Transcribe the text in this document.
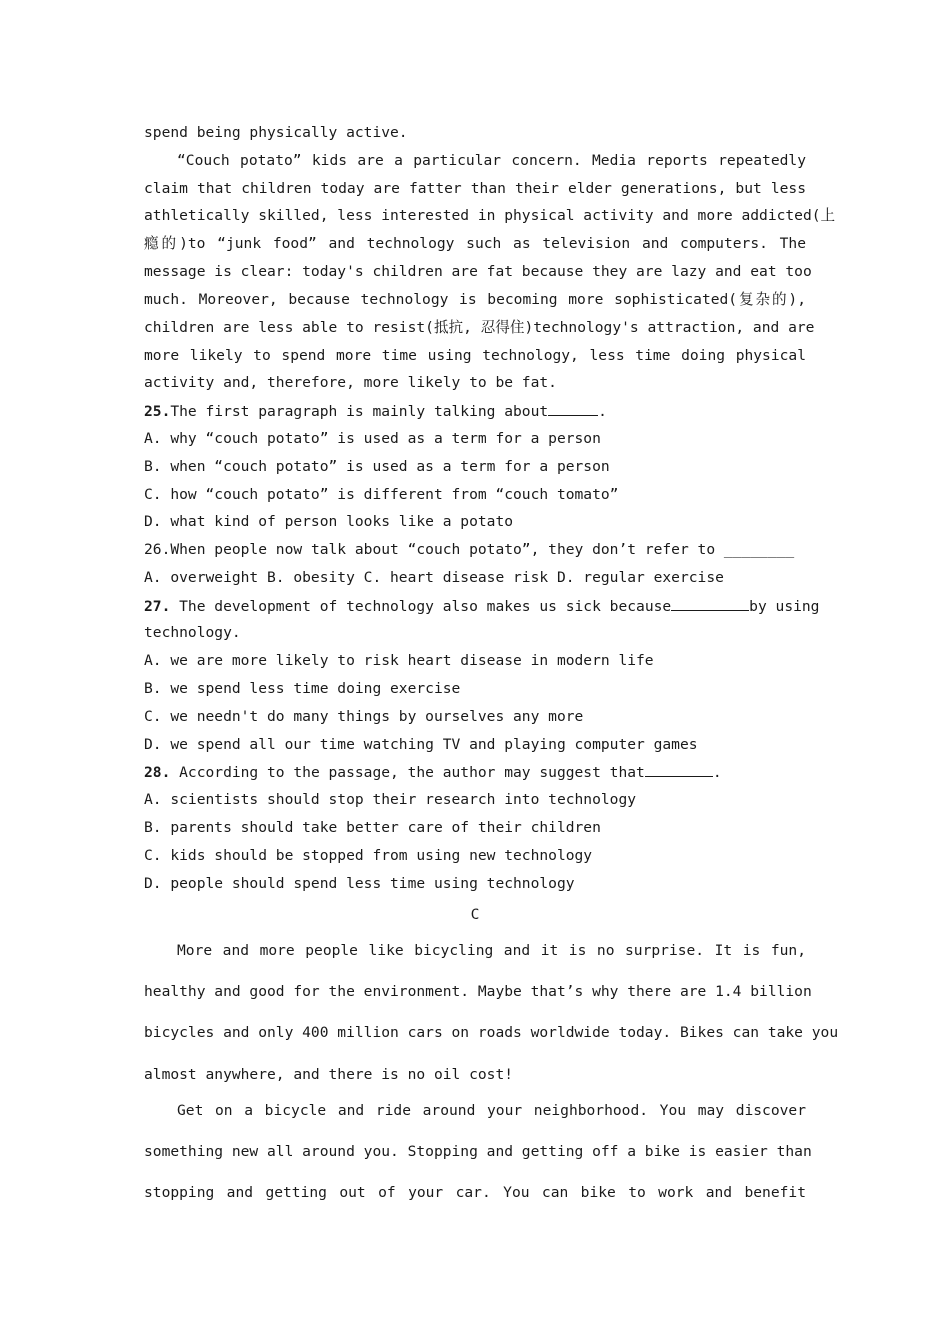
spend being physically active.
“Couch potato” kids are a particular concern. Media reports repeatedly
claim that children today are fatter than their elder generations, but less
athletically skilled, less interested in physical activity and more addicted(上
瘾的)to “junk food” and technology such as television and computers. The
message is clear: today's children are fat because they are lazy and eat too
much. Moreover, because technology is becoming more sophisticated(复杂的),
children are less able to resist(抵抗, 忍得住)technology's attraction, and are
more likely to spend more time using technology, less time doing physical
activity and, therefore, more likely to be fat.
25.The first paragraph is mainly talking about	.
A. why “couch potato” is used as a term for a person
B. when “couch potato” is used as a term for a person
C. how “couch potato” is different from “couch tomato”
D. what kind of person looks like a potato
26.When people now talk about “couch potato”, they don’t refer to ________
A. overweight B. obesity C. heart disease risk D. regular exercise
27. The development of technology also makes us sick because	by using
technology.
A. we are more likely to risk heart disease in modern life
B. we spend less time doing exercise
C. we needn't do many things by ourselves any more
D. we spend all our time watching TV and playing computer games
28. According to the passage, the author may suggest that	.
A. scientists should stop their research into technology
B. parents should take better care of their children
C. kids should be stopped from using new technology
D. people should spend less time using technology
C
More and more people like bicycling and it is no surprise. It is fun,
healthy and good for the environment. Maybe that’s why there are 1.4 billion
bicycles and only 400 million cars on roads worldwide today. Bikes can take you
almost anywhere, and there is no oil cost!
Get on a bicycle and ride around your neighborhood. You may discover
something new all around you. Stopping and getting off a bike is easier than
stopping and getting out of your car. You can bike to work and benefit
